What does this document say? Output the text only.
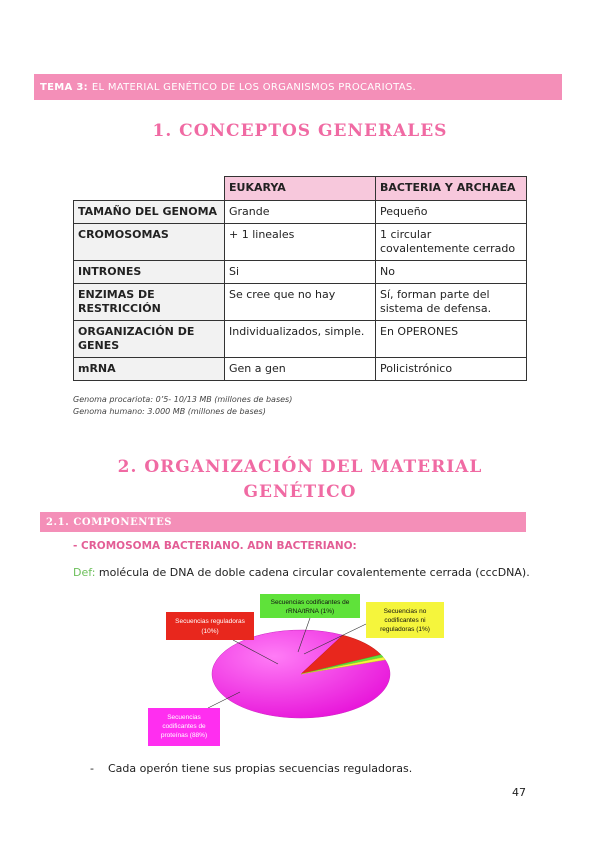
TEMA 3: EL MATERIAL GENÉTICO DE LOS ORGANISMOS PROCARIOTAS.
1. CONCEPTOS GENERALES
	EUKARYA	BACTERIA Y ARCHAEA
TAMAÑO DEL GENOMA	Grande	Pequeño
CROMOSOMAS	+ 1 lineales	1 circular covalentemente cerrado
INTRONES	Si	No
ENZIMAS DE RESTRICCIÓN	Se cree que no hay	Sí, forman parte del sistema de defensa.
ORGANIZACIÓN DE GENES	Individualizados, simple.	En OPERONES
mRNA	Gen a gen	Policistrónico
Genoma procariota: 0’5- 10/13 MB (millones de bases)
Genoma humano: 3.000 MB (millones de bases)
2. ORGANIZACIÓN DEL MATERIAL
GENÉTICO
2.1. COMPONENTES
- CROMOSOMA BACTERIANO. ADN BACTERIANO:
Def: molécula de DNA de doble cadena circular covalentemente cerrada (cccDNA).
Secuencias reguladoras
(10%)
Secuencias codificantes de
rRNA/tRNA (1%)	Secuencias no
codificantes ni
reguladoras (1%)
Secuencias
codificantes de
proteínas (88%)
- Cada operón tiene sus propias secuencias reguladoras.
47
